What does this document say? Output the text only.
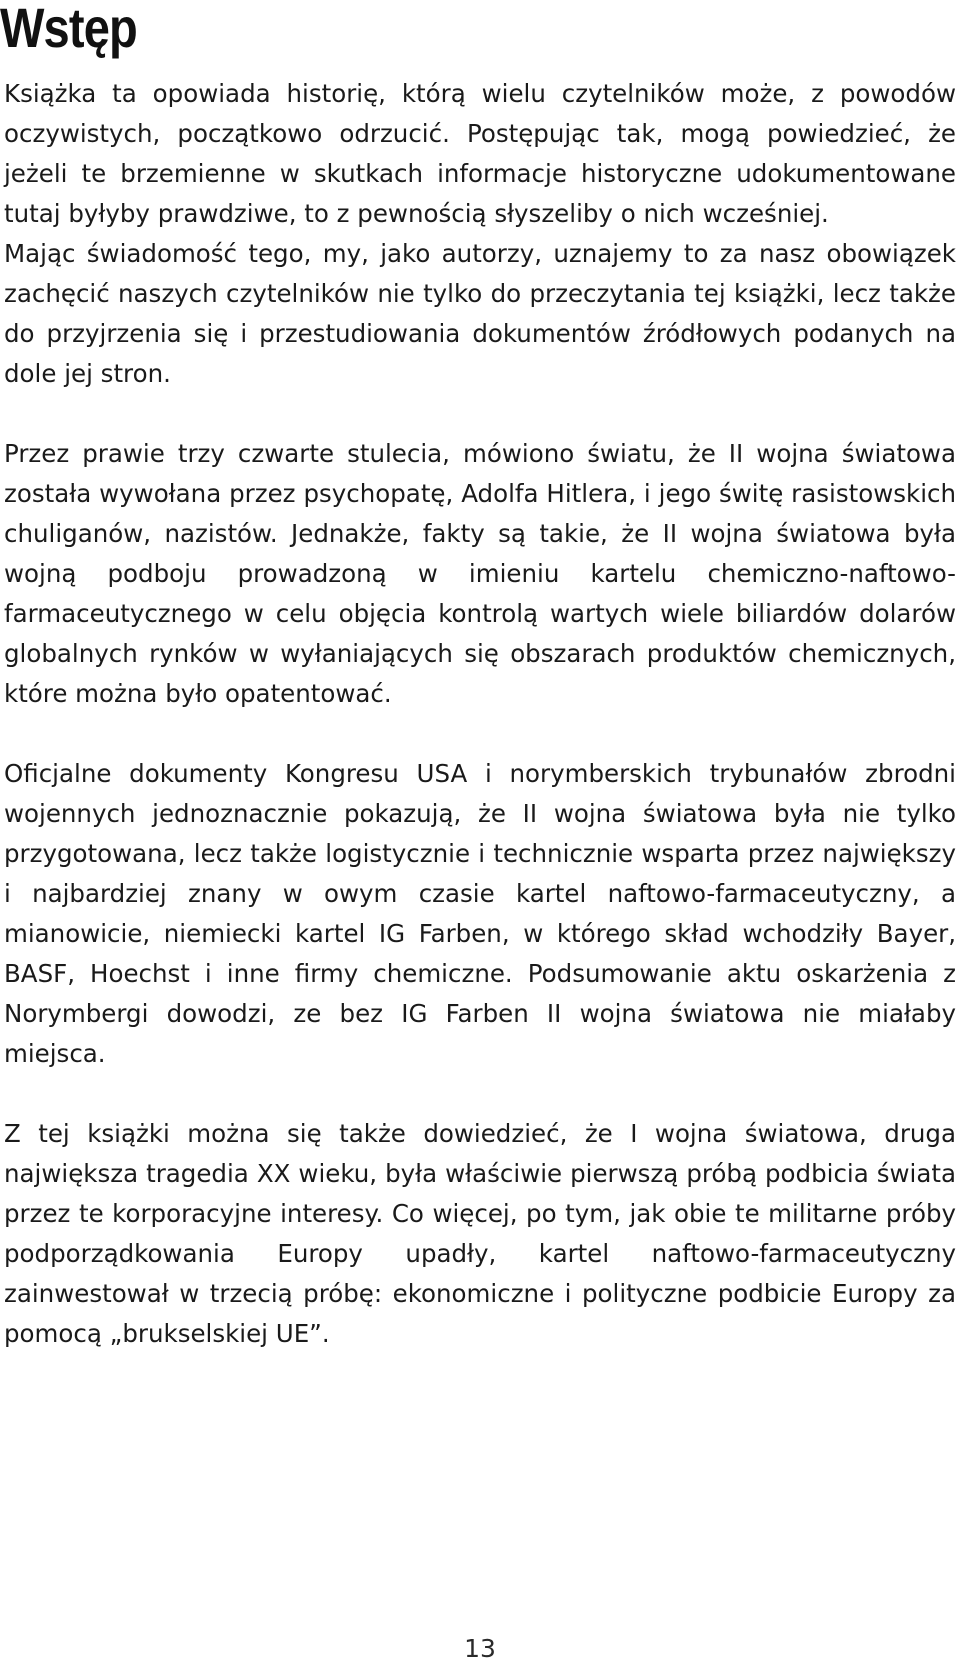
Wstęp

Książka ta opowiada historię, którą wielu czytelników może, z powodów oczywistych, początkowo odrzucić. Postępując tak, mogą powiedzieć, że jeżeli te brzemienne w skutkach informacje historyczne udokumentowane tutaj byłyby prawdziwe, to z pewnością słyszeliby o nich wcześniej.

Mając świadomość tego, my, jako autorzy, uznajemy to za nasz obowiązek zachęcić naszych czytelników nie tylko do przeczytania tej książki, lecz także do przyjrzenia się i przestudiowania dokumentów źródłowych podanych na dole jej stron.

Przez prawie trzy czwarte stulecia, mówiono światu, że II wojna światowa została wywołana przez psychopatę, Adolfa Hitlera, i jego świtę rasistowskich chuliganów, nazistów. Jednakże, fakty są takie, że II wojna światowa była wojną podboju prowadzoną w imieniu kartelu chemiczno-naftowo-farmaceutycznego w celu objęcia kontrolą wartych wiele biliardów dolarów globalnych rynków w wyłaniających się obszarach produktów chemicznych, które można było opatentować.

Oficjalne dokumenty Kongresu USA i norymberskich trybunałów zbrodni wojennych jednoznacznie pokazują, że II wojna światowa była nie tylko przygotowana, lecz także logistycznie i technicznie wsparta przez największy i najbardziej znany w owym czasie kartel naftowo-farmaceutyczny, a mianowicie, niemiecki kartel IG Farben, w którego skład wchodziły Bayer, BASF, Hoechst i inne firmy chemiczne. Podsumowanie aktu oskarżenia z Norymbergi dowodzi, ze bez IG Farben II wojna światowa nie miałaby miejsca.

Z tej książki można się także dowiedzieć, że I wojna światowa, druga największa tragedia XX wieku, była właściwie pierwszą próbą podbicia świata przez te korporacyjne interesy. Co więcej, po tym, jak obie te militarne próby podporządkowania Europy upadły, kartel naftowo-farmaceutyczny zainwestował w trzecią próbę: ekonomiczne i polityczne podbicie Europy za pomocą „brukselskiej UE”.

13
